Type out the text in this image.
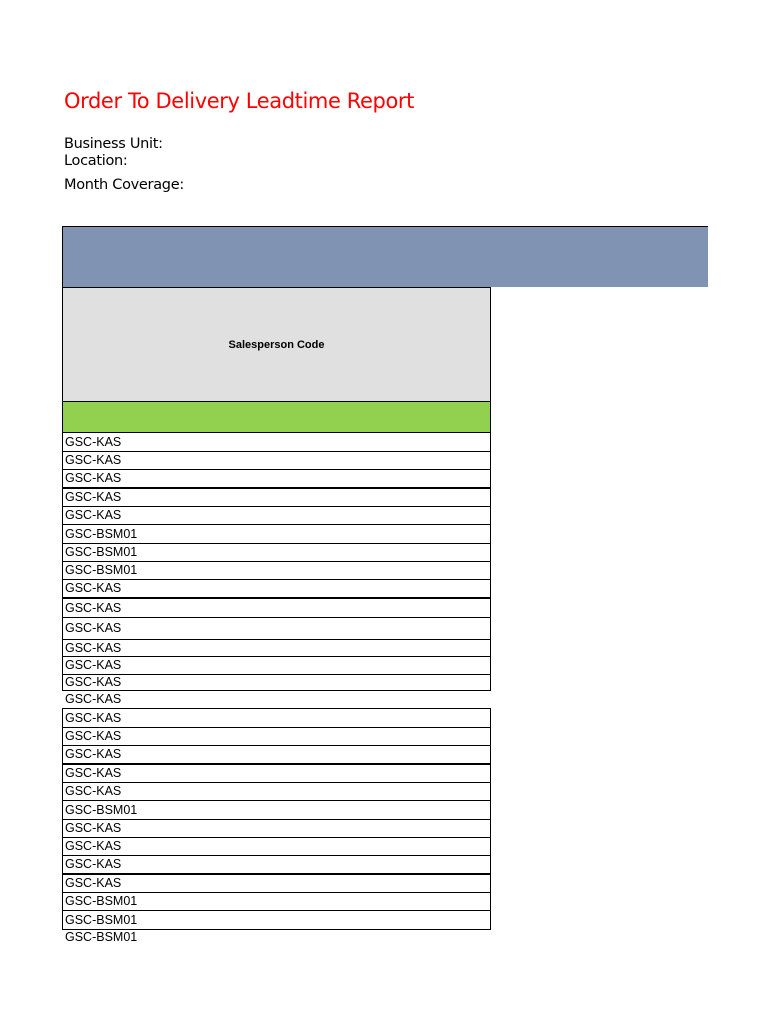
Order To Delivery Leadtime Report
Business Unit:
Location:
Month Coverage:
Salesperson Code
GSC-KAS
GSC-KAS
GSC-KAS
GSC-KAS
GSC-KAS
GSC-BSM01
GSC-BSM01
GSC-BSM01
GSC-KAS
GSC-KAS
GSC-KAS
GSC-KAS
GSC-KAS
GSC-KAS
GSC-KAS
GSC-KAS
GSC-KAS
GSC-KAS
GSC-KAS
GSC-KAS
GSC-BSM01
GSC-KAS
GSC-KAS
GSC-KAS
GSC-KAS
GSC-BSM01
GSC-BSM01
GSC-BSM01
